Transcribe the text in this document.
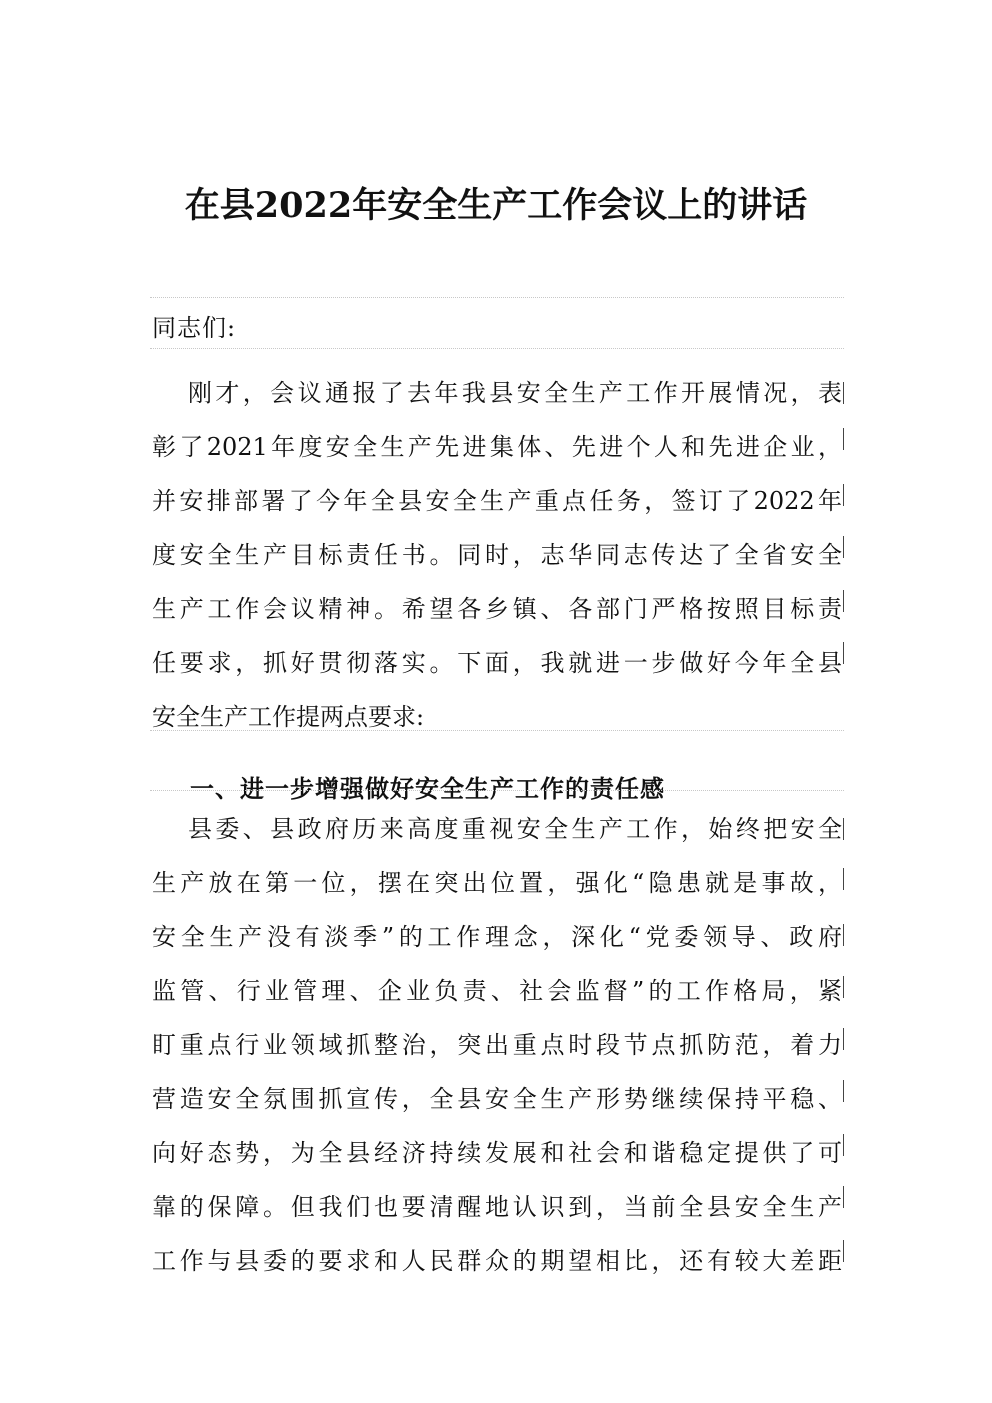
在县2022年安全生产工作会议上的讲话
同志们:
刚才，会议通报了去年我县安全生产工作开展情况，表
彰了2021年度安全生产先进集体、先进个人和先进企业，
并安排部署了今年全县安全生产重点任务，签订了2022年
度安全生产目标责任书。同时，志华同志传达了全省安全
生产工作会议精神。希望各乡镇、各部门严格按照目标责
任要求，抓好贯彻落实。下面，我就进一步做好今年全县
安全生产工作提两点要求:
一、进一步增强做好安全生产工作的责任感
县委、县政府历来高度重视安全生产工作，始终把安全
生产放在第一位，摆在突出位置，强化“隐患就是事故，
安全生产没有淡季”的工作理念，深化“党委领导、政府
监管、行业管理、企业负责、社会监督”的工作格局，紧
盯重点行业领域抓整治，突出重点时段节点抓防范，着力
营造安全氛围抓宣传，全县安全生产形势继续保持平稳、
向好态势，为全县经济持续发展和社会和谐稳定提供了可
靠的保障。但我们也要清醒地认识到，当前全县安全生产
工作与县委的要求和人民群众的期望相比，还有较大差距
